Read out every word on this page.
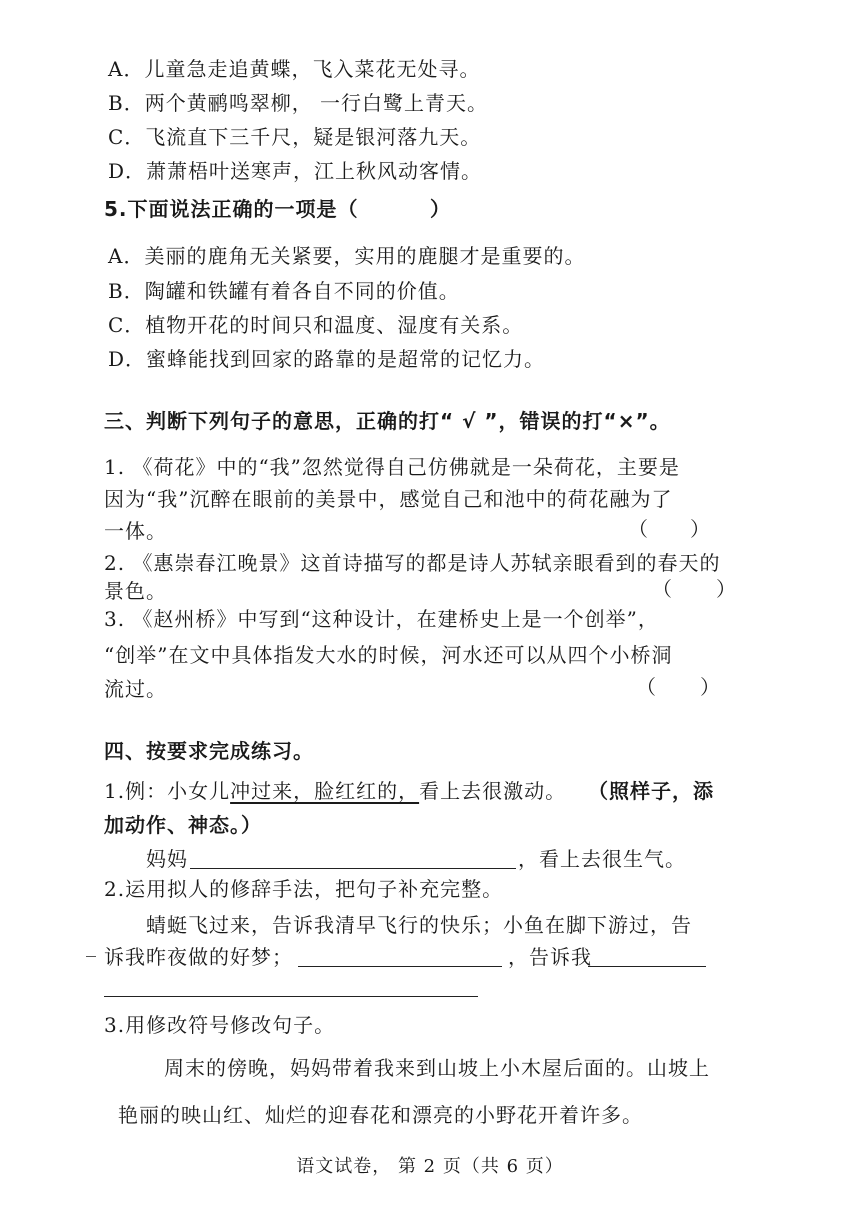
A．儿童急走追黄蝶，飞入菜花无处寻。
B．两个黄鹂鸣翠柳， 一行白鹭上青天。
C．飞流直下三千尺，疑是银河落九天。
D．萧萧梧叶送寒声，江上秋风动客情。
5.下面说法正确的一项是（	）
A．美丽的鹿角无关紧要，实用的鹿腿才是重要的。
B．陶罐和铁罐有着各自不同的价值。
C．植物开花的时间只和温度、湿度有关系。
D．蜜蜂能找到回家的路靠的是超常的记忆力。
三、判断下列句子的意思，正确的打“ √ ”，错误的打“×”。
1. 《荷花》中的“我”忽然觉得自己仿佛就是一朵荷花，主要是
因为“我”沉醉在眼前的美景中，感觉自己和池中的荷花融为了
一体。	（ ）
2. 《惠崇春江晚景》这首诗描写的都是诗人苏轼亲眼看到的春天的
景色。	（ ）
3. 《赵州桥》中写到“这种设计，在建桥史上是一个创举”，
“创举”在文中具体指发大水的时候，河水还可以从四个小桥洞
流过。	（ ）
四、按要求完成练习。
1.例：小女儿冲过来，脸红红的，看上去很激动。 （照样子，添
加动作、神态。）
妈妈	，看上去很生气。
2.运用拟人的修辞手法，把句子补充完整。
蜻蜓飞过来，告诉我清早飞行的快乐；小鱼在脚下游过，告
诉我昨夜做的好梦；	，告诉我
3.用修改符号修改句子。
周末的傍晚，妈妈带着我来到山坡上小木屋后面的。山坡上
艳丽的映山红、灿烂的迎春花和漂亮的小野花开着许多。
语文试卷， 第 2 页（共 6 页）
